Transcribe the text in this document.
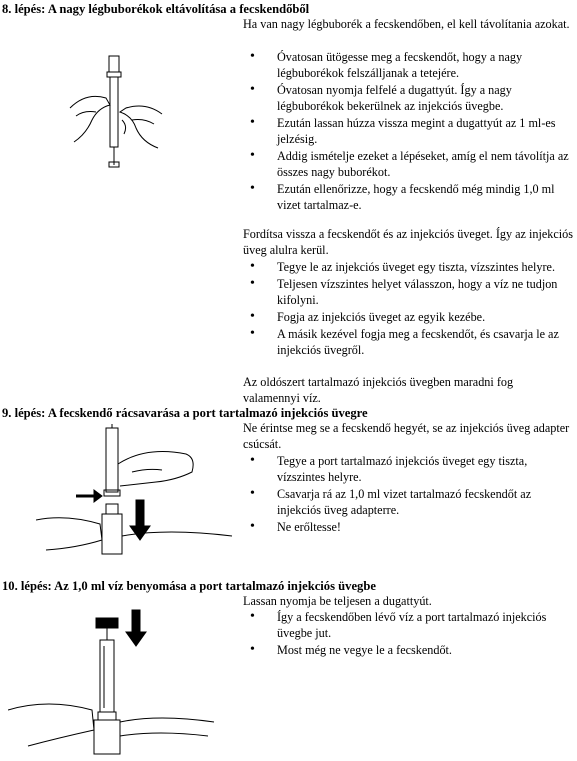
8. lépés: A nagy légbuborékok eltávolítása a fecskendőből
Ha van nagy légbuborék a fecskendőben, el kell távolítania azokat.
• Óvatosan ütögesse meg a fecskendőt, hogy a nagy légbuborékok felszálljanak a tetejére.
• Óvatosan nyomja felfelé a dugattyút. Így a nagy légbuborékok bekerülnek az injekciós üvegbe.
• Ezután lassan húzza vissza megint a dugattyút az 1 ml-es jelzésig.
• Addig ismételje ezeket a lépéseket, amíg el nem távolítja az összes nagy buborékot.
• Ezután ellenőrizze, hogy a fecskendő még mindig 1,0 ml vizet tartalmaz-e.
Fordítsa vissza a fecskendőt és az injekciós üveget. Így az injekciós üveg alulra kerül.
• Tegye le az injekciós üveget egy tiszta, vízszintes helyre.
• Teljesen vízszintes helyet válasszon, hogy a víz ne tudjon kifolyni.
• Fogja az injekciós üveget az egyik kezébe.
• A másik kezével fogja meg a fecskendőt, és csavarja le az injekciós üvegről.
Az oldószert tartalmazó injekciós üvegben maradni fog valamennyi víz.
9. lépés: A fecskendő rácsavarása a port tartalmazó injekciós üvegre
Ne érintse meg se a fecskendő hegyét, se az injekciós üveg adapter csúcsát.
• Tegye a port tartalmazó injekciós üveget egy tiszta, vízszintes helyre.
• Csavarja rá az 1,0 ml vizet tartalmazó fecskendőt az injekciós üveg adapterre.
• Ne erőltesse!
10. lépés: Az 1,0 ml víz benyomása a port tartalmazó injekciós üvegbe
Lassan nyomja be teljesen a dugattyút.
• Így a fecskendőben lévő víz a port tartalmazó injekciós üvegbe jut.
• Most még ne vegye le a fecskendőt.
